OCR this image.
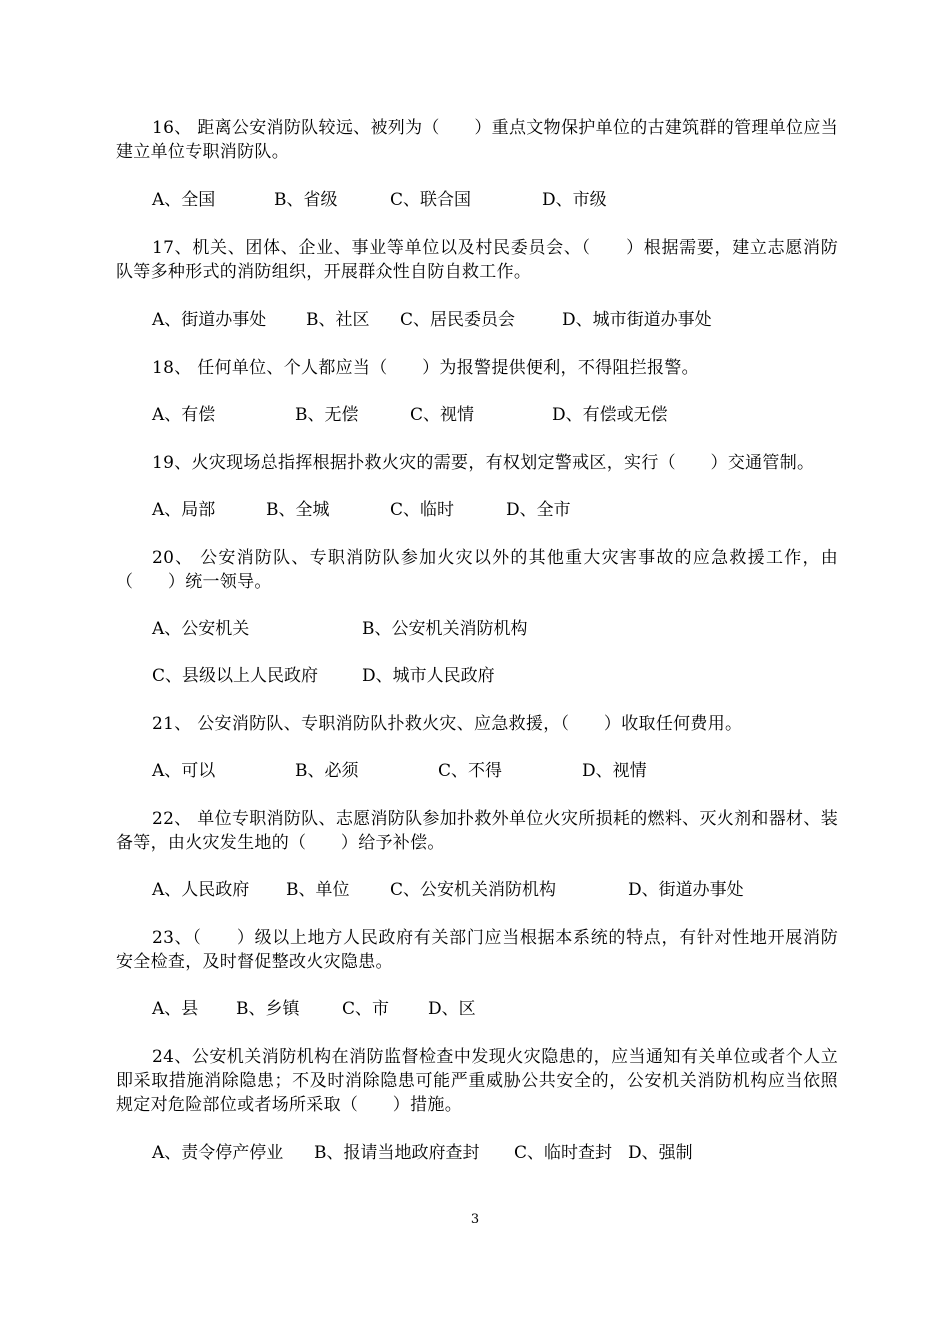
16、 距离公安消防队较远、被列为（　　）重点文物保护单位的古建筑群的管理单位应当建立单位专职消防队。
A、全国	B、省级	C、联合国	D、市级
17、机关、团体、企业、事业等单位以及村民委员会、（　　）根据需要，建立志愿消防队等多种形式的消防组织，开展群众性自防自救工作。
A、街道办事处 B、社区 C、居民委员会	D、城市街道办事处
18、 任何单位、个人都应当（　　）为报警提供便利，不得阻拦报警。
A、有偿	B、无偿	C、视情	D、有偿或无偿
19、火灾现场总指挥根据扑救火灾的需要，有权划定警戒区，实行（　　）交通管制。
A、局部	B、全城	C、临时	D、全市
20、 公安消防队、专职消防队参加火灾以外的其他重大灾害事故的应急救援工作，由（　　）统一领导。
A、公安机关	B、公安机关消防机构
C、县级以上人民政府	D、城市人民政府
21、 公安消防队、专职消防队扑救火灾、应急救援，（　　）收取任何费用。
A、可以	B、必须	C、不得	D、视情
22、 单位专职消防队、志愿消防队参加扑救外单位火灾所损耗的燃料、灭火剂和器材、装备等，由火灾发生地的（　　）给予补偿。
A、人民政府 B、单位 C、公安机关消防机构	D、街道办事处
23、（　　）级以上地方人民政府有关部门应当根据本系统的特点，有针对性地开展消防安全检查，及时督促整改火灾隐患。
A、县 B、乡镇	C、市 D、区
24、公安机关消防机构在消防监督检查中发现火灾隐患的，应当通知有关单位或者个人立即采取措施消除隐患；不及时消除隐患可能严重威胁公共安全的，公安机关消防机构应当依照规定对危险部位或者场所采取（　　）措施。
A、责令停产停业 B、报请当地政府查封 C、临时查封 D、强制
3
